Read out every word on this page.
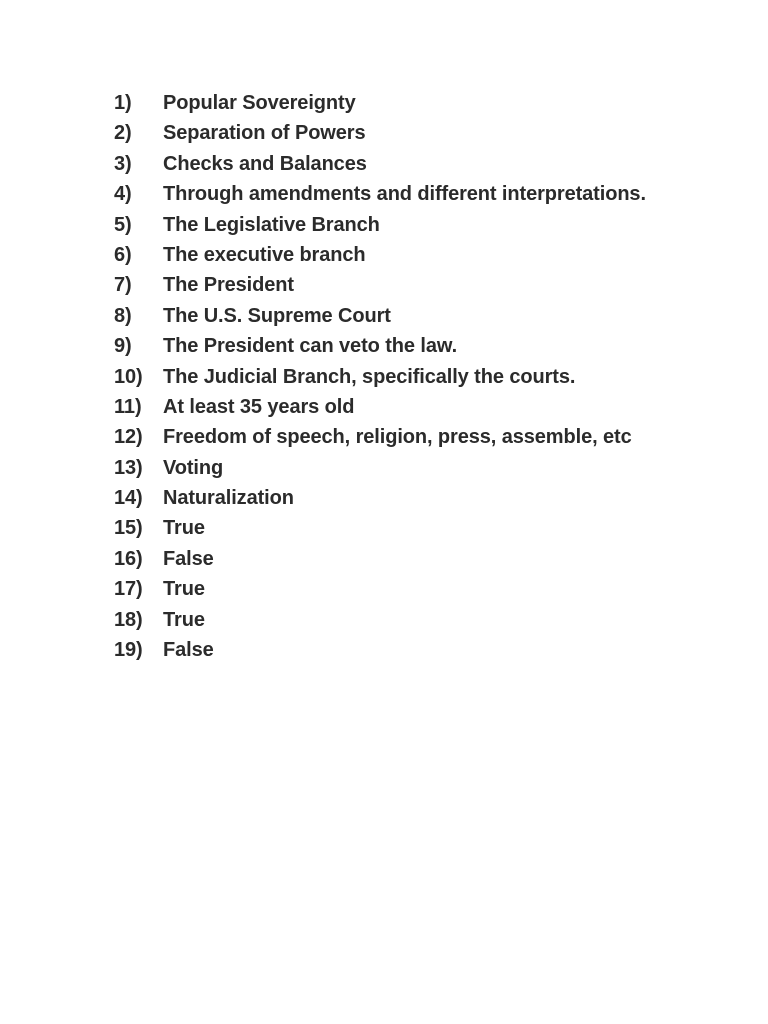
1)	Popular Sovereignty
2)	Separation of Powers
3)	Checks and Balances
4)	Through amendments and different interpretations.
5)	The Legislative Branch
6)	The executive branch
7)	The President
8)	The U.S. Supreme Court
9)	The President can veto the law.
10)	The Judicial Branch, specifically the courts.
11)	At least 35 years old
12)	Freedom of speech, religion, press, assemble, etc
13)	Voting
14)	Naturalization
15)	True
16)	False
17)	True
18)	True
19)	False
